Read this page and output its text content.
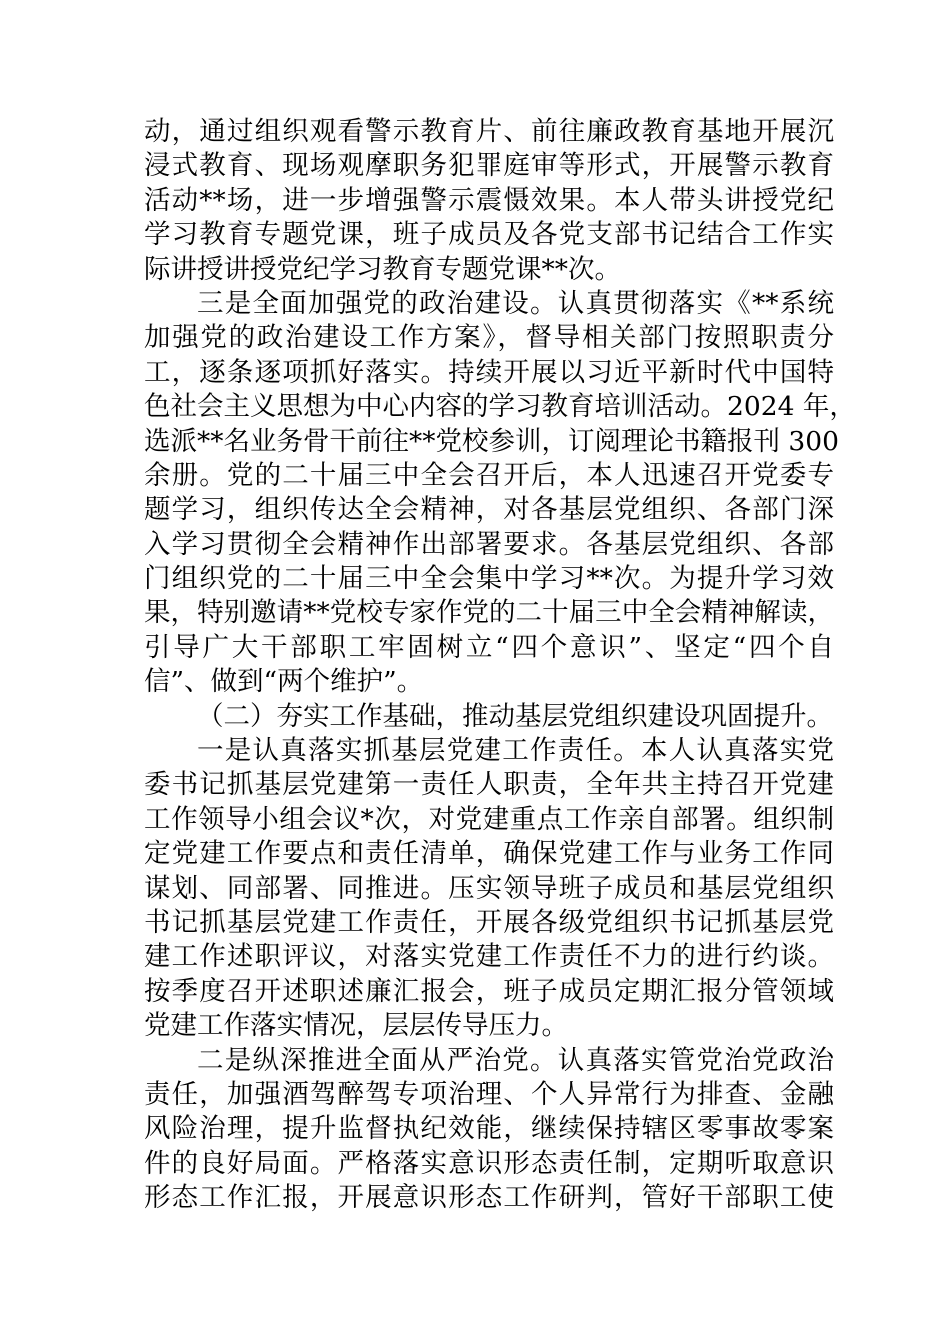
动，通过组织观看警示教育片、前往廉政教育基地开展沉
浸式教育、现场观摩职务犯罪庭审等形式，开展警示教育
活动**场，进一步增强警示震慑效果。本人带头讲授党纪
学习教育专题党课，班子成员及各党支部书记结合工作实
际讲授讲授党纪学习教育专题党课**次。
三是全面加强党的政治建设。认真贯彻落实《**系统
加强党的政治建设工作方案》，督导相关部门按照职责分
工，逐条逐项抓好落实。持续开展以习近平新时代中国特
色社会主义思想为中心内容的学习教育培训活动。2024 年，
选派**名业务骨干前往**党校参训，订阅理论书籍报刊 300
余册。党的二十届三中全会召开后，本人迅速召开党委专
题学习，组织传达全会精神，对各基层党组织、各部门深
入学习贯彻全会精神作出部署要求。各基层党组织、各部
门组织党的二十届三中全会集中学习**次。为提升学习效
果，特别邀请**党校专家作党的二十届三中全会精神解读，
引导广大干部职工牢固树立“四个意识”、坚定“四个自
信”、做到“两个维护”。
（二）夯实工作基础，推动基层党组织建设巩固提升。
一是认真落实抓基层党建工作责任。本人认真落实党
委书记抓基层党建第一责任人职责，全年共主持召开党建
工作领导小组会议*次，对党建重点工作亲自部署。组织制
定党建工作要点和责任清单，确保党建工作与业务工作同
谋划、同部署、同推进。压实领导班子成员和基层党组织
书记抓基层党建工作责任，开展各级党组织书记抓基层党
建工作述职评议，对落实党建工作责任不力的进行约谈。
按季度召开述职述廉汇报会，班子成员定期汇报分管领域
党建工作落实情况，层层传导压力。
二是纵深推进全面从严治党。认真落实管党治党政治
责任，加强酒驾醉驾专项治理、个人异常行为排查、金融
风险治理，提升监督执纪效能，继续保持辖区零事故零案
件的良好局面。严格落实意识形态责任制，定期听取意识
形态工作汇报，开展意识形态工作研判，管好干部职工使
